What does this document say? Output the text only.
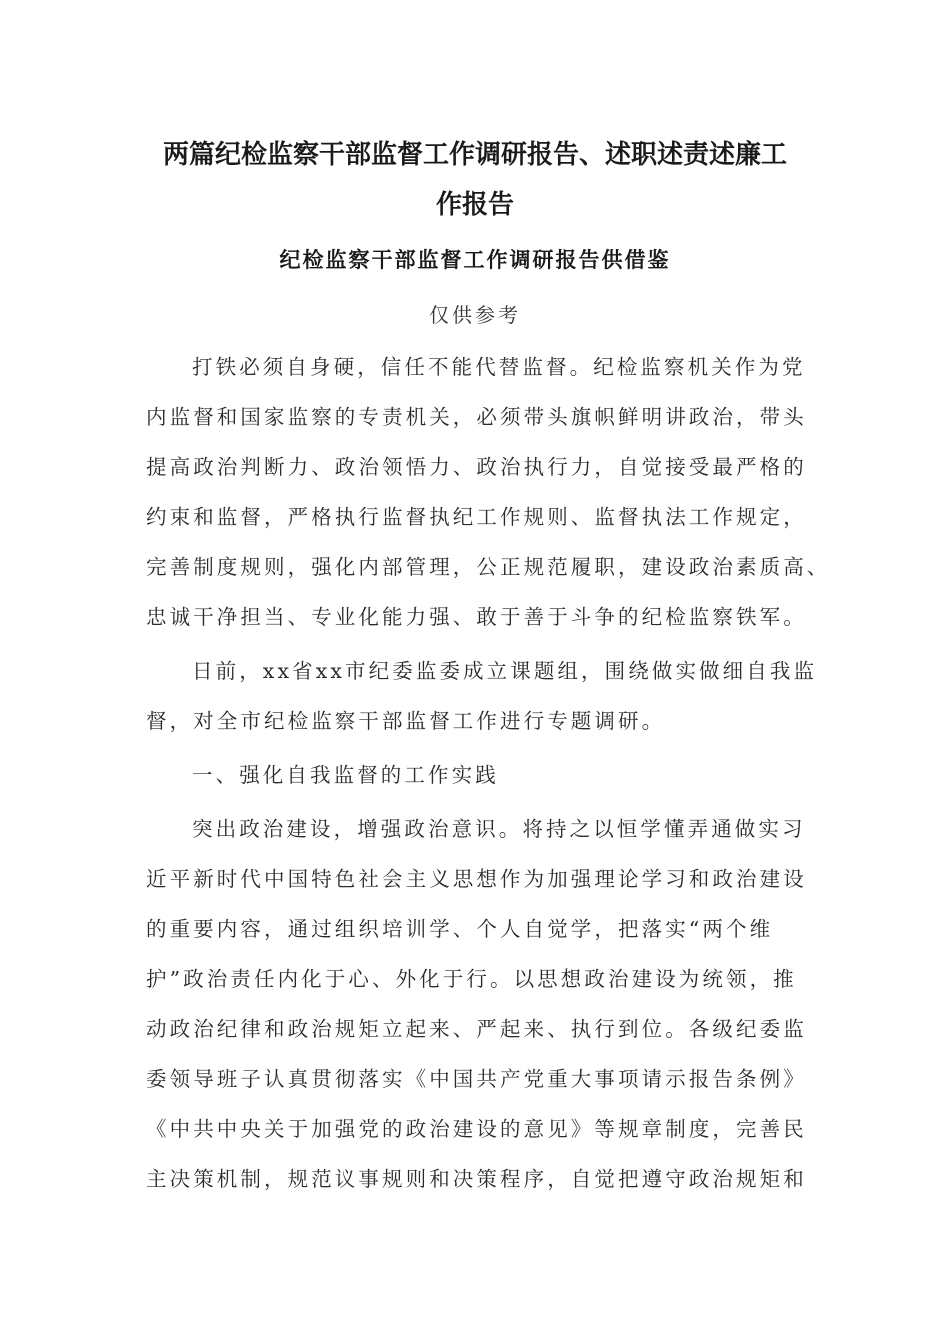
两篇纪检监察干部监督工作调研报告、述职述责述廉工
作报告
纪检监察干部监督工作调研报告供借鉴
仅供参考
打铁必须自身硬，信任不能代替监督。纪检监察机关作为党
内监督和国家监察的专责机关，必须带头旗帜鲜明讲政治，带头
提高政治判断力、政治领悟力、政治执行力，自觉接受最严格的
约束和监督，严格执行监督执纪工作规则、监督执法工作规定，
完善制度规则，强化内部管理，公正规范履职，建设政治素质高、
忠诚干净担当、专业化能力强、敢于善于斗争的纪检监察铁军。
日前，xx省xx市纪委监委成立课题组，围绕做实做细自我监
督，对全市纪检监察干部监督工作进行专题调研。
一、强化自我监督的工作实践
突出政治建设，增强政治意识。将持之以恒学懂弄通做实习
近平新时代中国特色社会主义思想作为加强理论学习和政治建设
的重要内容，通过组织培训学、个人自觉学，把落实“两个维
护”政治责任内化于心、外化于行。以思想政治建设为统领，推
动政治纪律和政治规矩立起来、严起来、执行到位。各级纪委监
委领导班子认真贯彻落实《中国共产党重大事项请示报告条例》
《中共中央关于加强党的政治建设的意见》等规章制度，完善民
主决策机制，规范议事规则和决策程序，自觉把遵守政治规矩和
